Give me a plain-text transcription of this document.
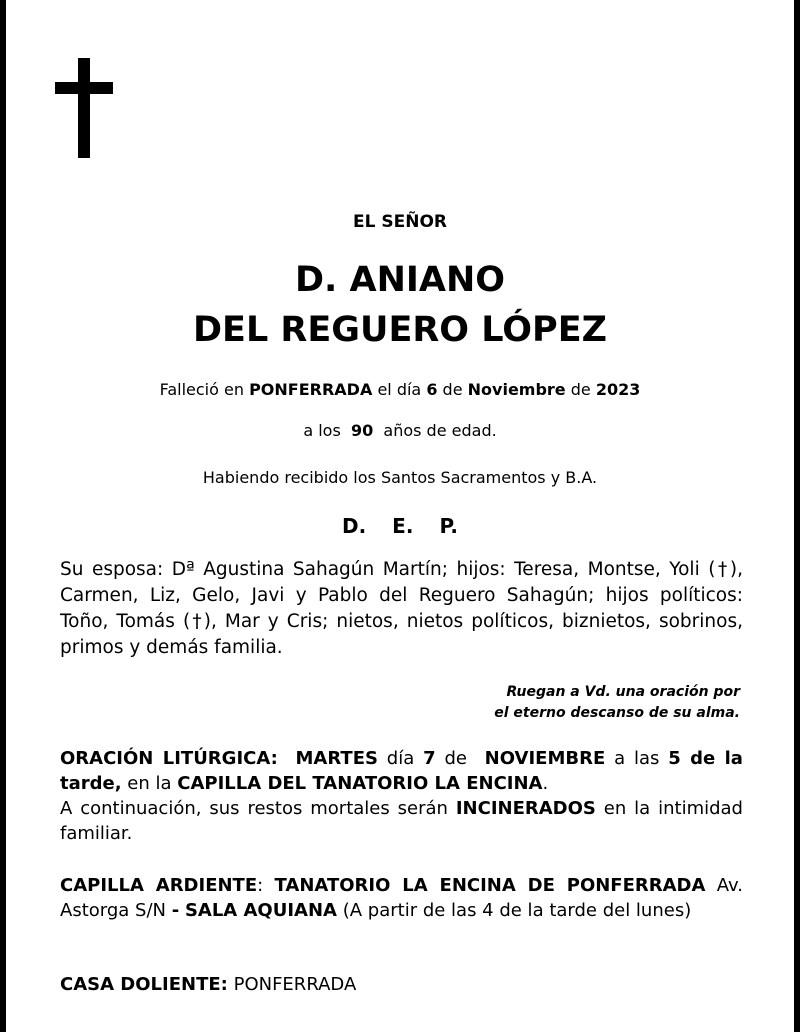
EL SEÑOR
D. ANIANO
DEL REGUERO LÓPEZ
Falleció en PONFERRADA el día 6 de Noviembre de 2023
a los 90 años de edad.
Habiendo recibido los Santos Sacramentos y B.A.
D. E. P.
Su esposa: Dª Agustina Sahagún Martín; hijos: Teresa, Montse, Yoli (†), Carmen, Liz, Gelo, Javi y Pablo del Reguero Sahagún; hijos políticos: Toño, Tomás (†), Mar y Cris; nietos, nietos políticos, biznietos, sobrinos, primos y demás familia.
Ruegan a Vd. una oración por
el eterno descanso de su alma.
ORACIÓN LITÚRGICA: MARTES día 7 de NOVIEMBRE a las 5 de la tarde, en la CAPILLA DEL TANATORIO LA ENCINA.
A continuación, sus restos mortales serán INCINERADOS en la intimidad familiar.
CAPILLA ARDIENTE: TANATORIO LA ENCINA DE PONFERRADA Av. Astorga S/N - SALA AQUIANA (A partir de las 4 de la tarde del lunes)
CASA DOLIENTE: PONFERRADA
